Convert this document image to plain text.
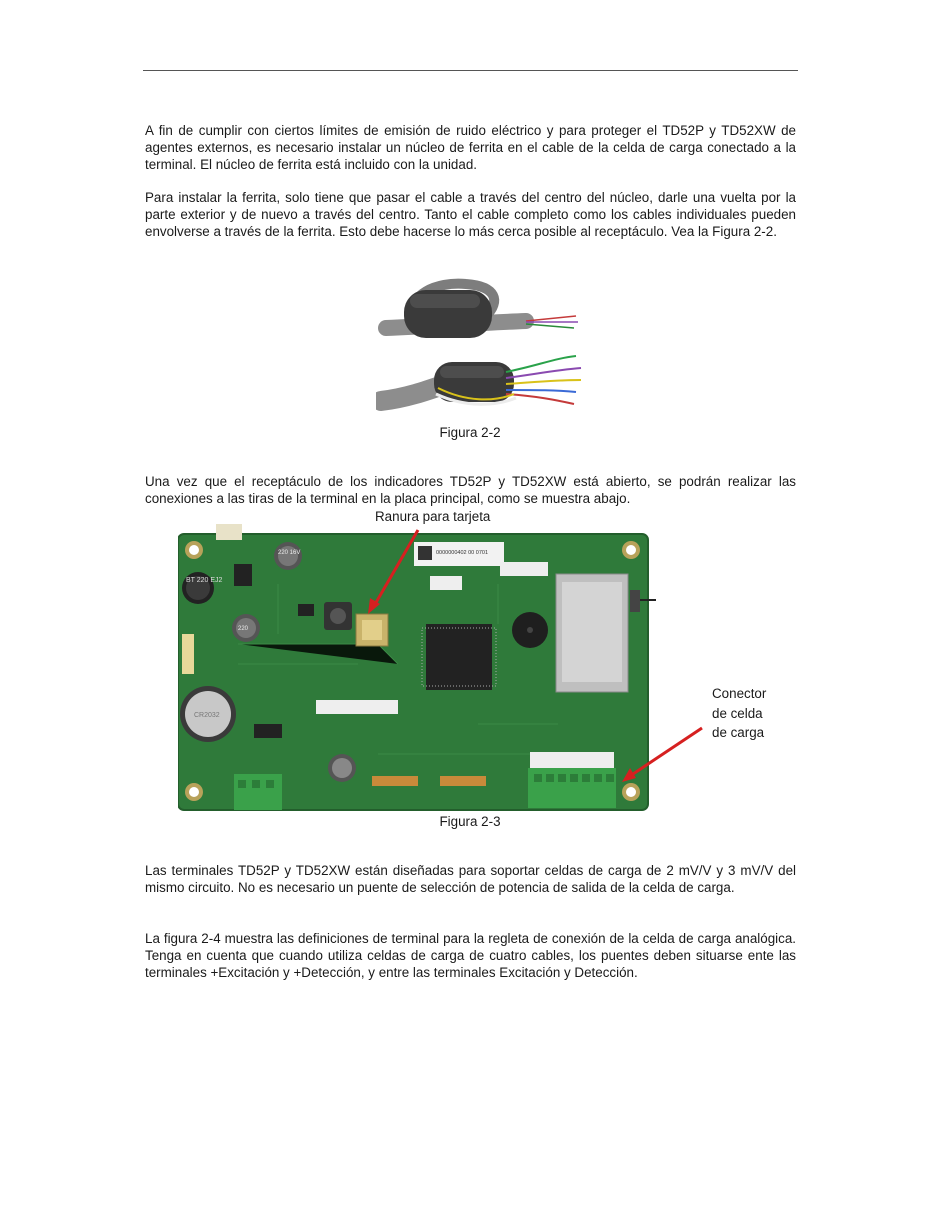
A fin de cumplir con ciertos límites de emisión de ruido eléctrico y para proteger el TD52P y TD52XW de agentes externos, es necesario instalar un núcleo de ferrita en el cable de la celda de carga conectado a la terminal. El núcleo de ferrita está incluido con la unidad.

Para instalar la ferrita, solo tiene que pasar el cable a través del centro del núcleo, darle una vuelta por la parte exterior y de nuevo a través del centro. Tanto el cable completo como los cables individuales pueden envolverse a través de la ferrita. Esto debe hacerse lo más cerca posible al receptáculo. Vea la Figura 2-2.

Figura 2-2

Una vez que el receptáculo de los indicadores TD52P y TD52XW está abierto, se podrán realizar las conexiones a las tiras de la terminal en la placa principal, como se muestra abajo.

Ranura para tarjeta
Conector
de celda
de carga
BT 220 EJ2
220 16V
220
CR2032
0000000402 00 0701
Figura 2-3

Las terminales TD52P y TD52XW están diseñadas para soportar celdas de carga de 2 mV/V y 3 mV/V del mismo circuito. No es necesario un puente de selección de potencia de salida de la celda de carga.

La figura 2-4 muestra las definiciones de terminal para la regleta de conexión de la celda de carga analógica. Tenga en cuenta que cuando utiliza celdas de carga de cuatro cables, los puentes deben situarse ente las terminales +Excitación y +Detección, y entre las terminales Excitación y Detección.
